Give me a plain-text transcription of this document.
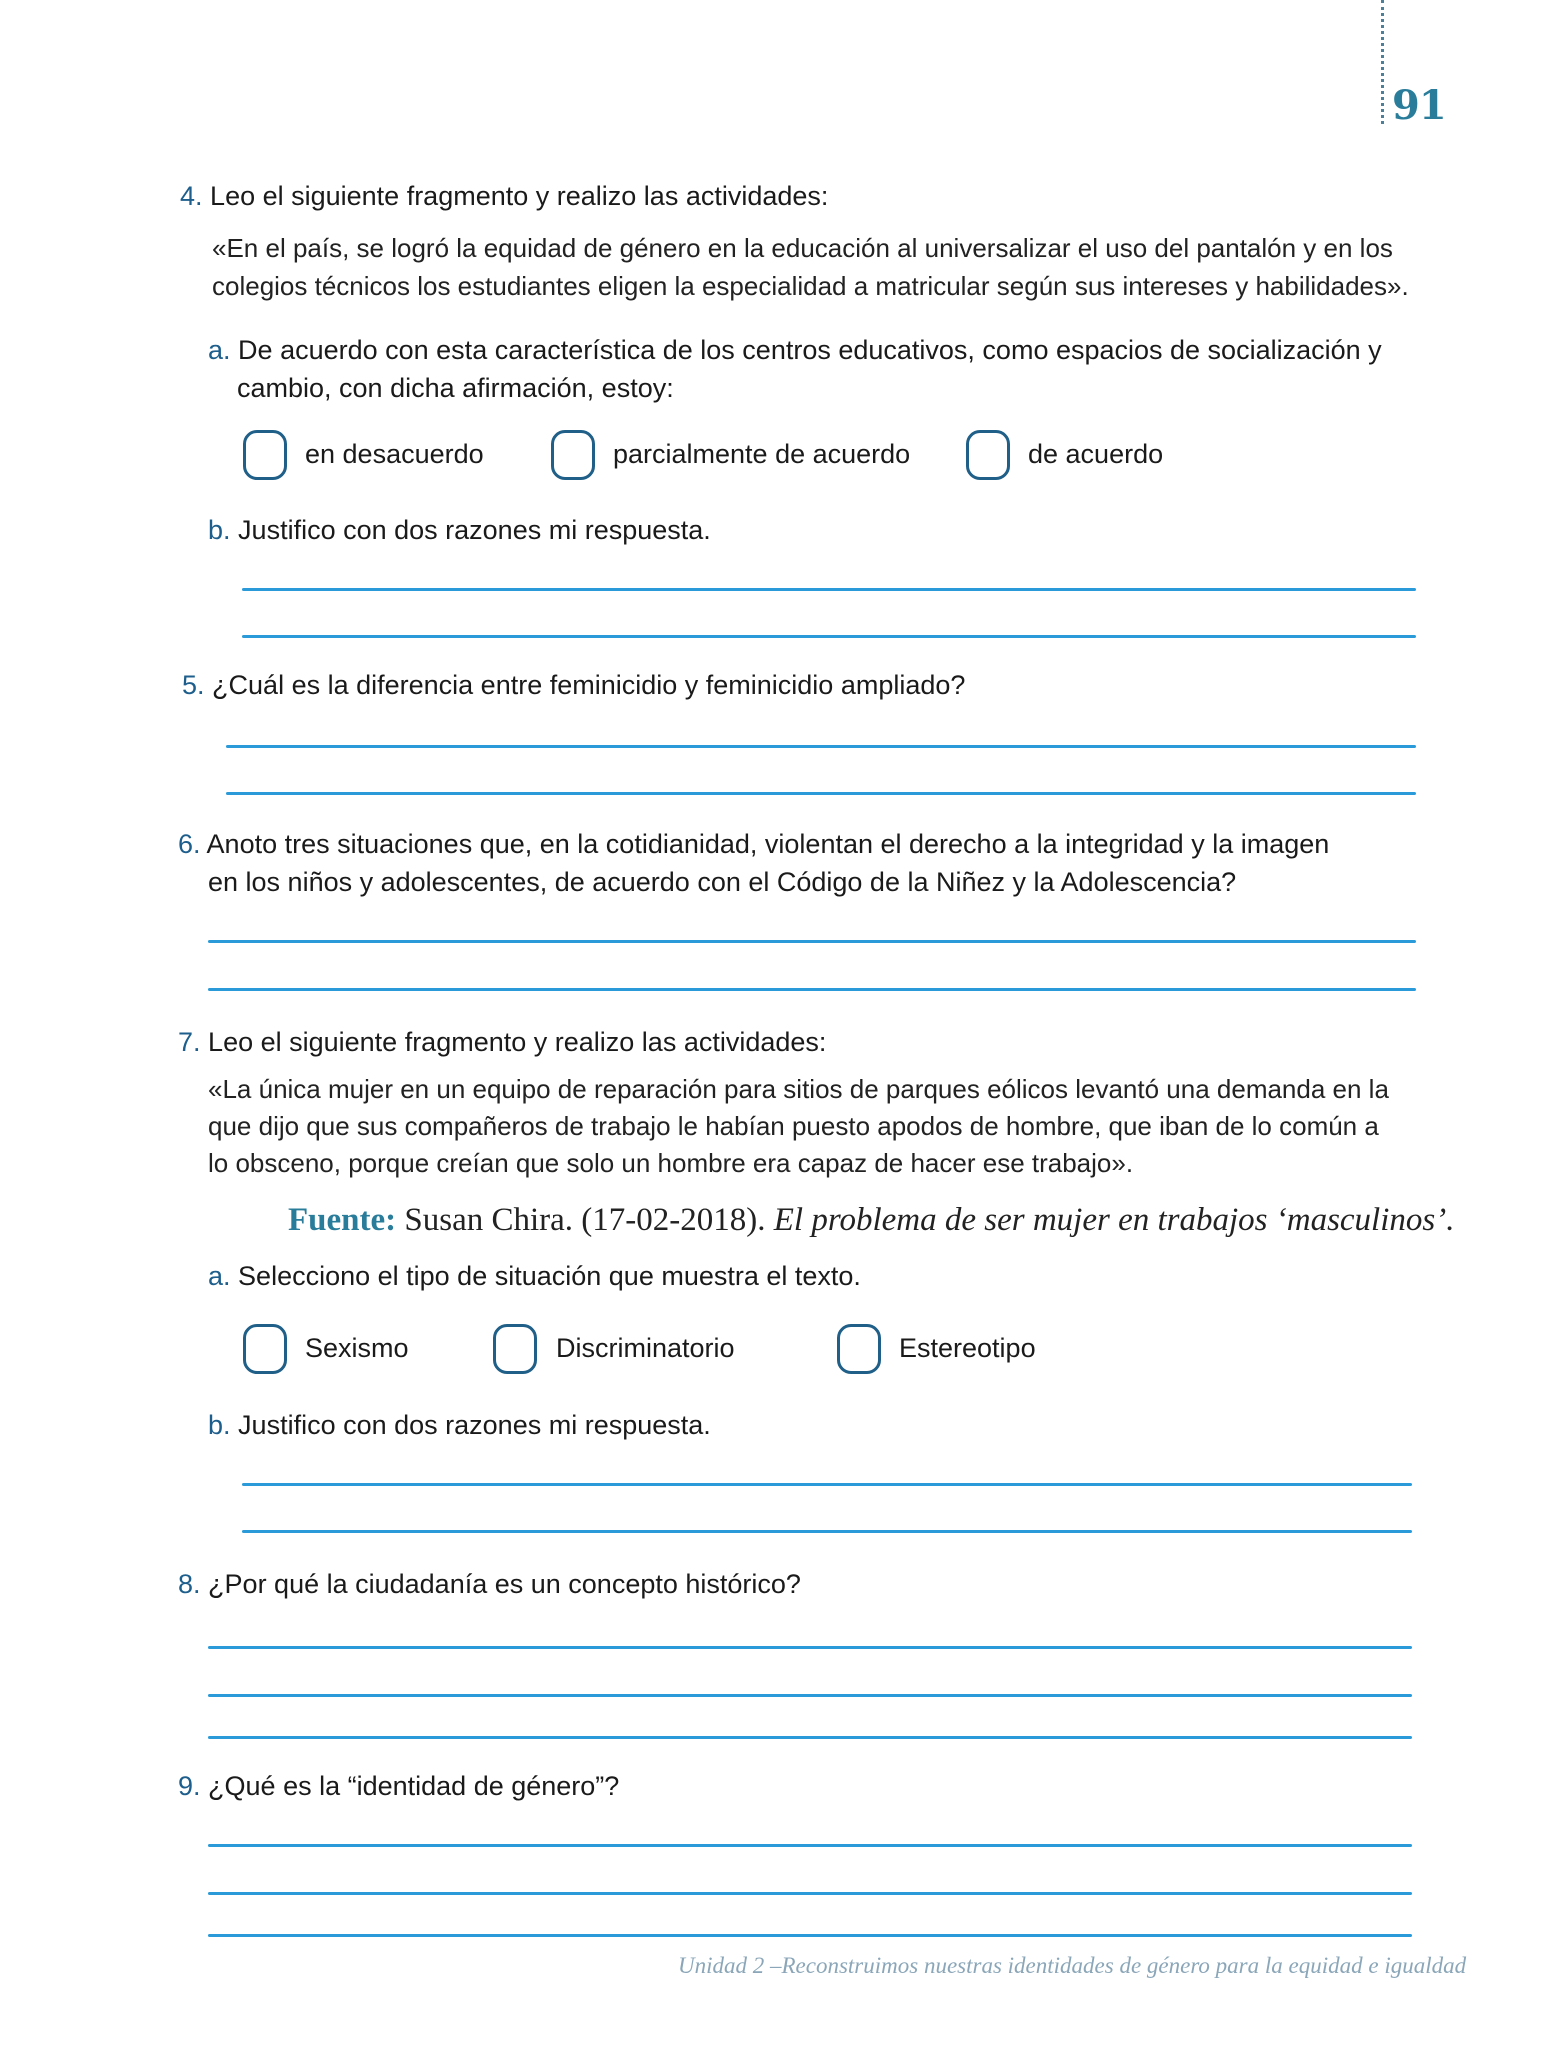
91
4. Leo el siguiente fragmento y realizo las actividades:
«En el país, se logró la equidad de género en la educación al universalizar el uso del pantalón y en los
colegios técnicos los estudiantes eligen la especialidad a matricular según sus intereses y habilidades».
a. De acuerdo con esta característica de los centros educativos, como espacios de socialización y
cambio, con dicha afirmación, estoy:
en desacuerdo	parcialmente de acuerdo	de acuerdo
b. Justifico con dos razones mi respuesta.
5. ¿Cuál es la diferencia entre feminicidio y feminicidio ampliado?
6. Anoto tres situaciones que, en la cotidianidad, violentan el derecho a la integridad y la imagen
en los niños y adolescentes, de acuerdo con el Código de la Niñez y la Adolescencia?
7. Leo el siguiente fragmento y realizo las actividades:
«La única mujer en un equipo de reparación para sitios de parques eólicos levantó una demanda en la
que dijo que sus compañeros de trabajo le habían puesto apodos de hombre, que iban de lo común a
lo obsceno, porque creían que solo un hombre era capaz de hacer ese trabajo».
Fuente: Susan Chira. (17-02-2018). El problema de ser mujer en trabajos ‘masculinos’.
a. Selecciono el tipo de situación que muestra el texto.
Sexismo	Discriminatorio	Estereotipo
b. Justifico con dos razones mi respuesta.
8. ¿Por qué la ciudadanía es un concepto histórico?
9. ¿Qué es la “identidad de género”?
Unidad 2 –Reconstruimos nuestras identidades de género para la equidad e igualdad
